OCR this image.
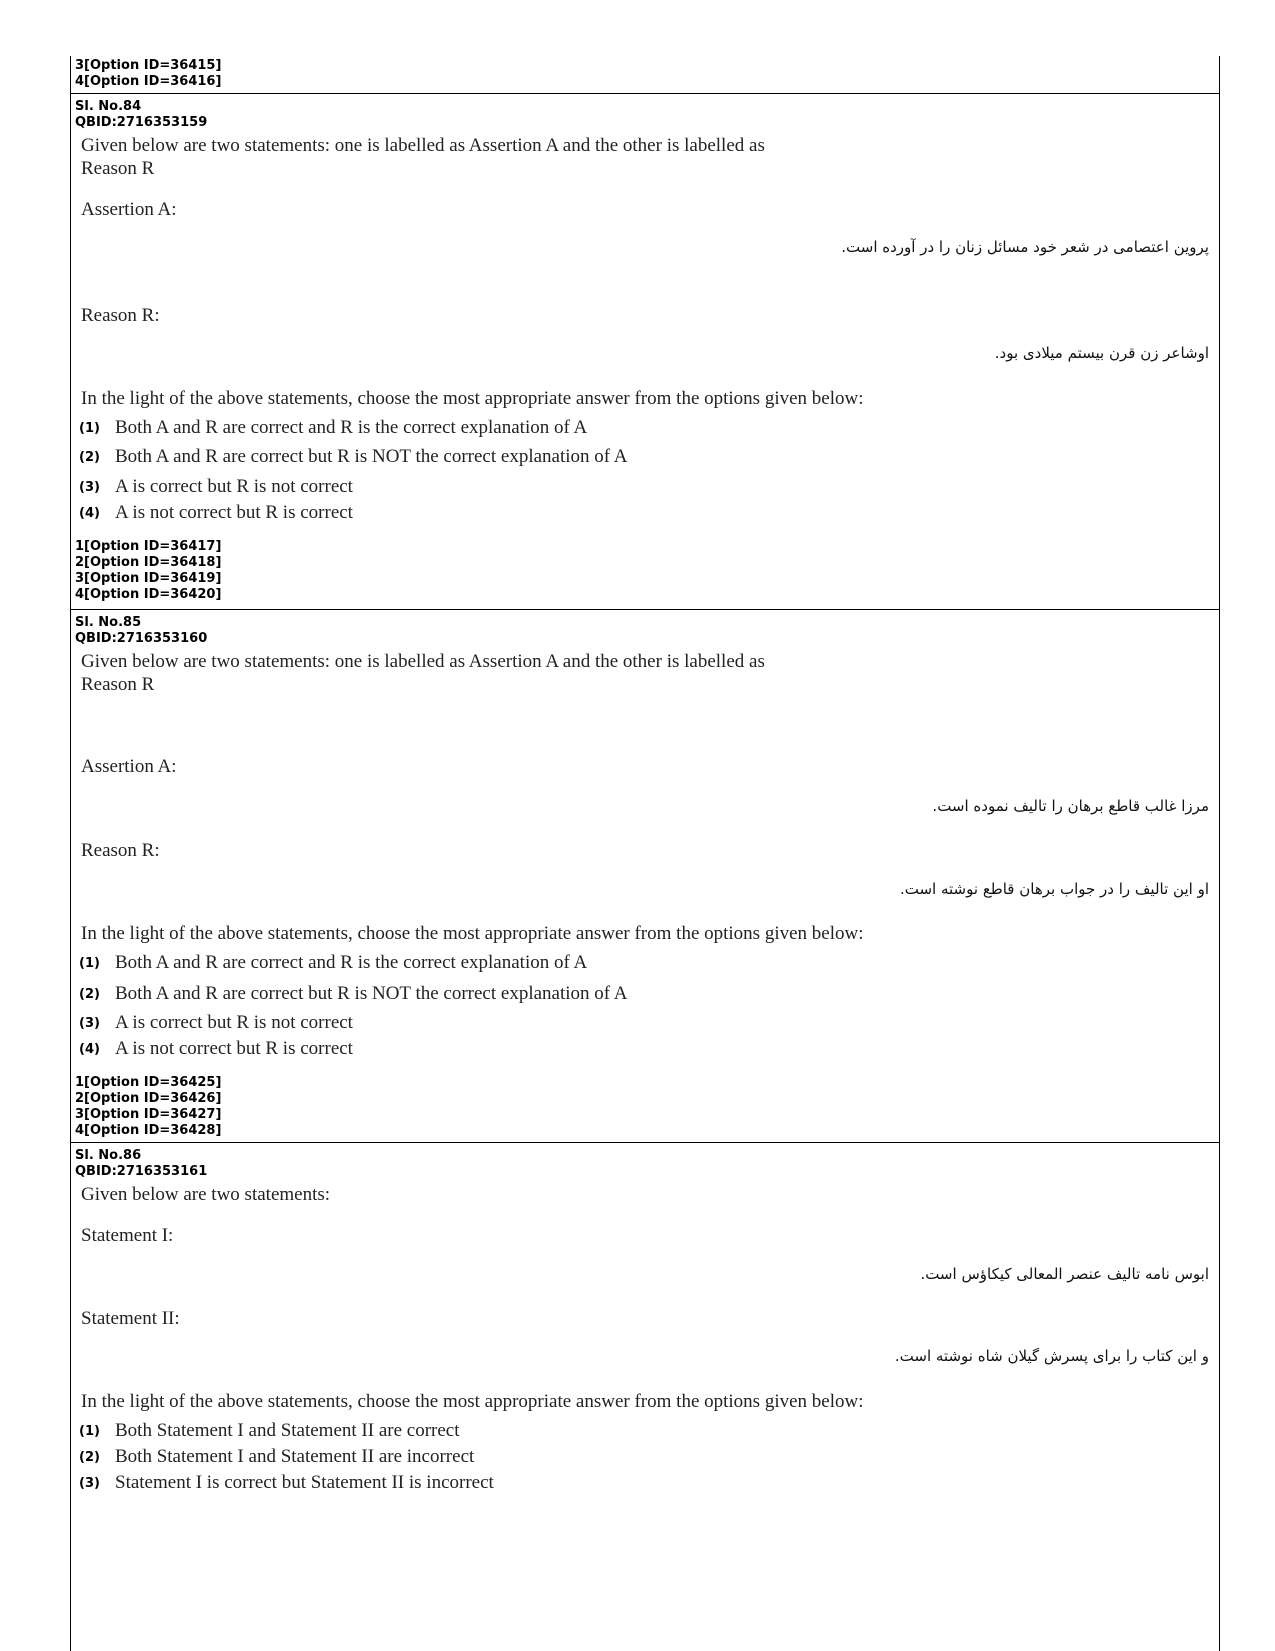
3[Option ID=36415]
4[Option ID=36416]
Sl. No.84
QBID:2716353159
Given below are two statements: one is labelled as Assertion A and the other is labelled as
Reason R
Assertion A:
پروین اعتصامی در شعر خود مسائل زنان را در آورده است.
Reason R:
اوشاعر زن قرن بیستم میلادی بود.
In the light of the above statements, choose the most appropriate answer from the options given below:
(1) Both A and R are correct and R is the correct explanation of A
(2) Both A and R are correct but R is NOT the correct explanation of A
(3) A is correct but R is not correct
(4) A is not correct but R is correct
1[Option ID=36417]
2[Option ID=36418]
3[Option ID=36419]
4[Option ID=36420]
Sl. No.85
QBID:2716353160
Given below are two statements: one is labelled as Assertion A and the other is labelled as
Reason R
Assertion A:
مرزا غالب قاطع برهان را تالیف نموده است.
Reason R:
او این تالیف را در جواب برهان قاطع نوشته است.
In the light of the above statements, choose the most appropriate answer from the options given below:
(1) Both A and R are correct and R is the correct explanation of A
(2) Both A and R are correct but R is NOT the correct explanation of A
(3) A is correct but R is not correct
(4) A is not correct but R is correct
1[Option ID=36425]
2[Option ID=36426]
3[Option ID=36427]
4[Option ID=36428]
Sl. No.86
QBID:2716353161
Given below are two statements:
Statement I:
ابوس نامه تالیف عنصر المعالی کیکاؤس است.
Statement II:
و این کتاب را برای پسرش گیلان شاه نوشته است.
In the light of the above statements, choose the most appropriate answer from the options given below:
(1) Both Statement I and Statement II are correct
(2) Both Statement I and Statement II are incorrect
(3) Statement I is correct but Statement II is incorrect
